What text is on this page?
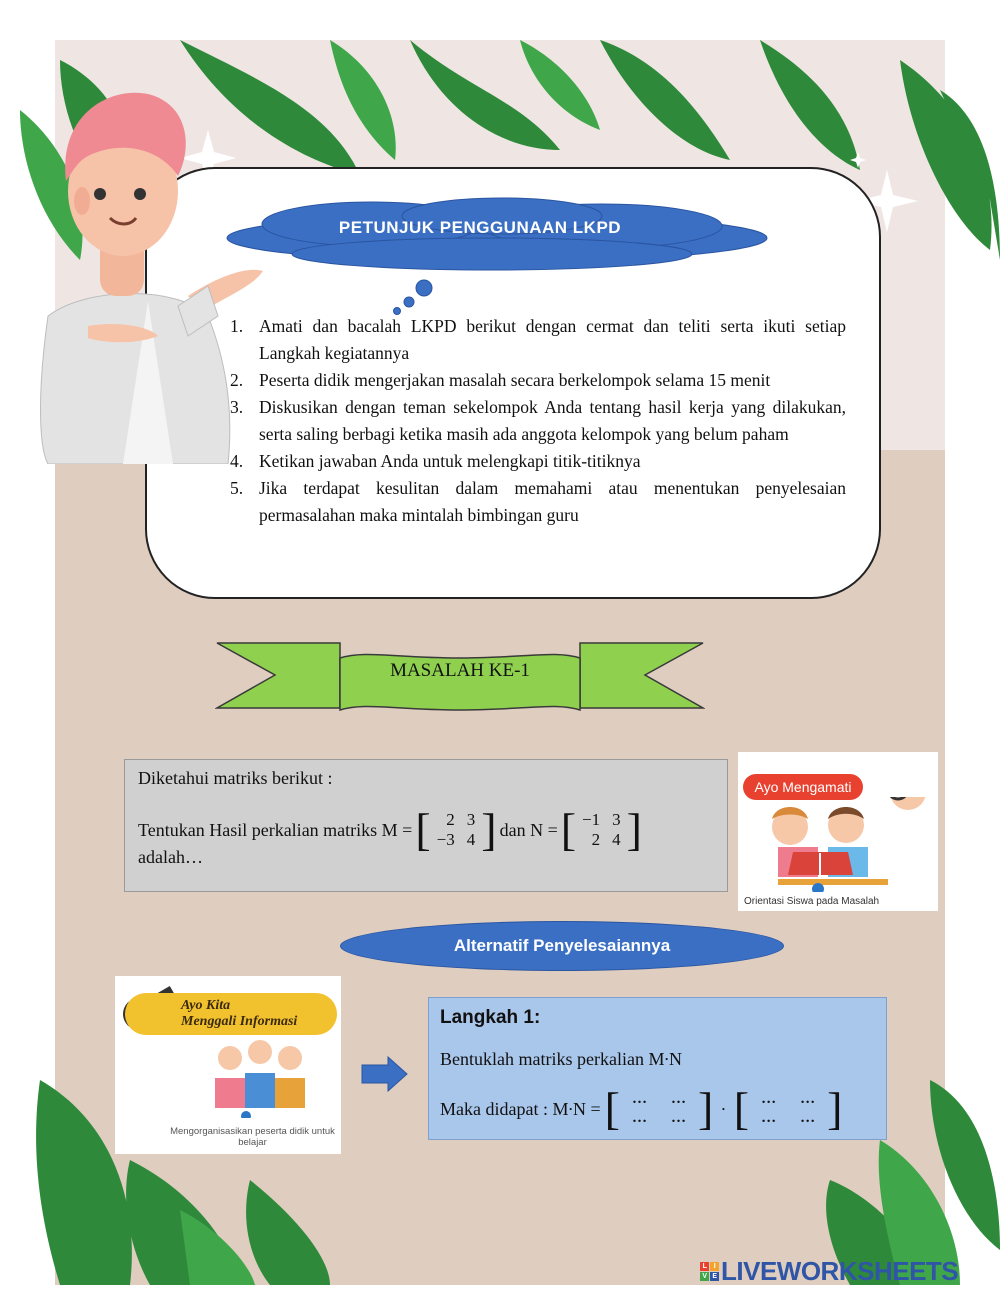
PETUNJUK PENGGUNAAN LKPD
1. Amati dan bacalah LKPD berikut dengan cermat dan teliti serta ikuti setiap Langkah kegiatannya
2. Peserta didik mengerjakan masalah secara berkelompok selama 15 menit
3. Diskusikan dengan teman sekelompok Anda tentang hasil kerja yang dilakukan, serta saling berbagi ketika masih ada anggota kelompok yang belum paham
4. Ketikan jawaban Anda untuk melengkapi titik-titiknya
5. Jika terdapat kesulitan dalam memahami atau menentukan penyelesaian permasalahan maka mintalah bimbingan guru
MASALAH KE-1
Diketahui matriks berikut :
Tentukan Hasil perkalian matriks M = [ 2	3
−3	4 ] dan N = [ −1	3
2	4 ]
adalah…
Ayo Mengamati
Orientasi Siswa pada Masalah
Alternatif Penyelesaiannya
Ayo Kita
Menggali Informasi
Mengorganisasikan peserta didik untuk belajar
Langkah 1:
Bentuklah matriks perkalian M∙N
Maka didapat : M∙N = [ …	…
…	… ] ∙ [ …	…
…	… ]
L	I
V E LIVEWORKSHEETS
